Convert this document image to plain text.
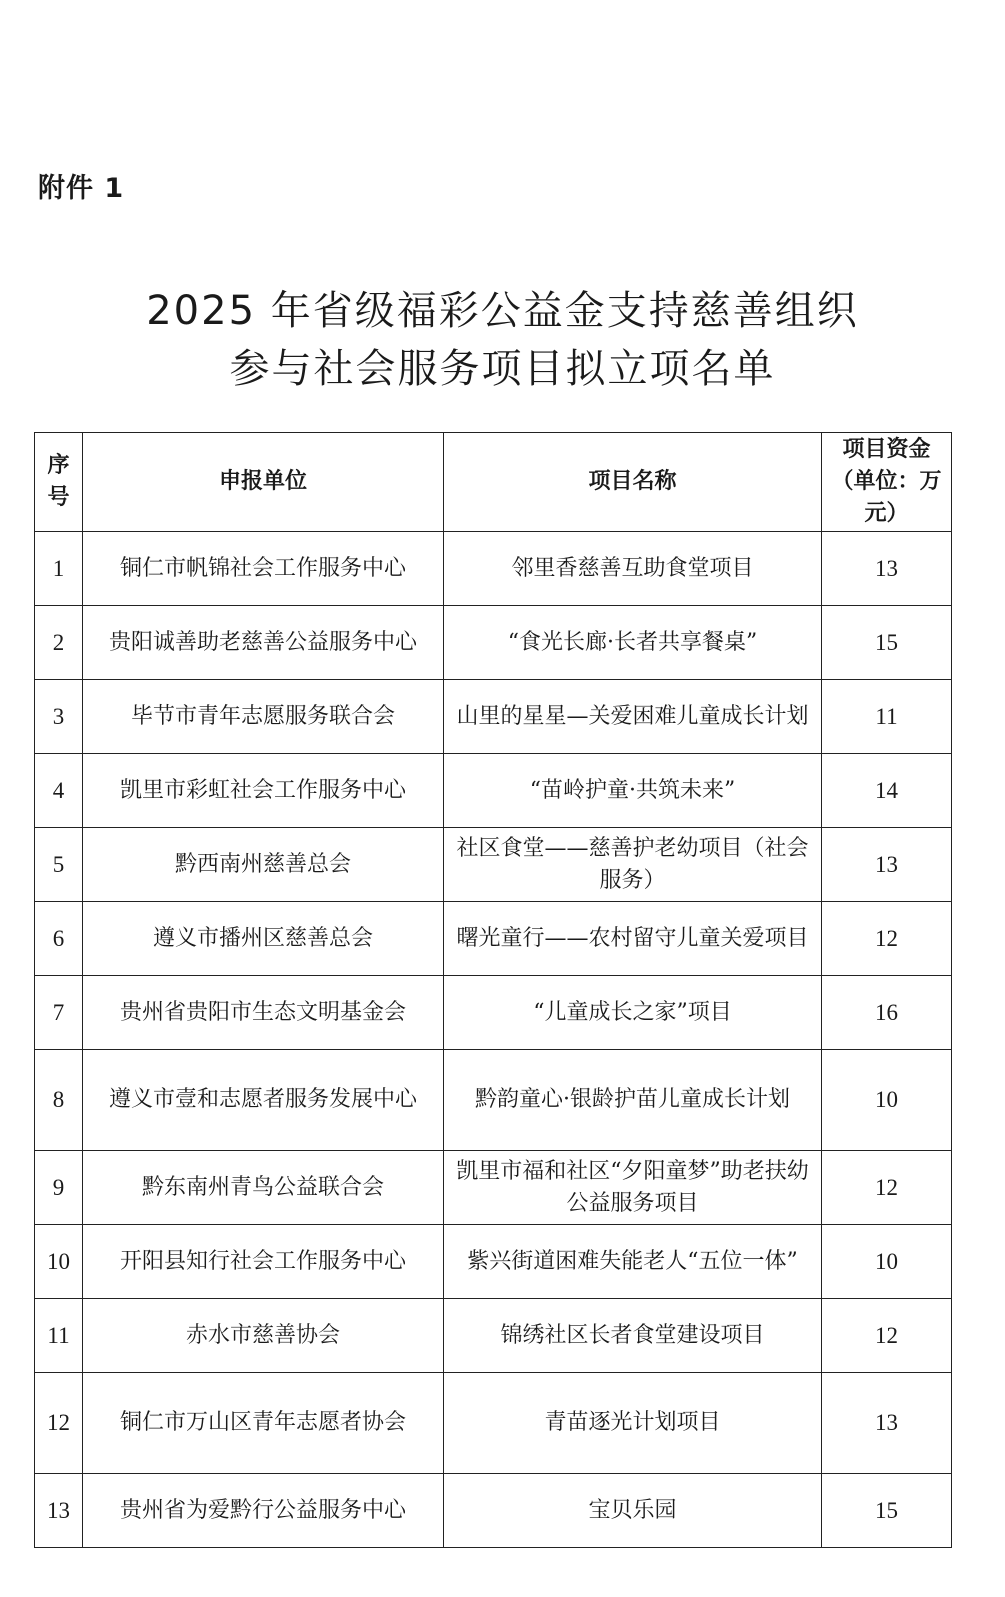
附件 1
2025 年省级福彩公益金支持慈善组织
参与社会服务项目拟立项名单
序号	申报单位	项目名称	项目资金（单位：万元）
1	铜仁市帆锦社会工作服务中心	邻里香慈善互助食堂项目	13
2	贵阳诚善助老慈善公益服务中心	“食光长廊·长者共享餐桌”	15
3	毕节市青年志愿服务联合会	山里的星星—关爱困难儿童成长计划	11
4	凯里市彩虹社会工作服务中心	“苗岭护童·共筑未来”	14
5	黔西南州慈善总会	社区食堂——慈善护老幼项目（社会服务）	13
6	遵义市播州区慈善总会	曙光童行——农村留守儿童关爱项目	12
7	贵州省贵阳市生态文明基金会	“儿童成长之家”项目	16
8	遵义市壹和志愿者服务发展中心	黔韵童心·银龄护苗儿童成长计划	10
9	黔东南州青鸟公益联合会	凯里市福和社区“夕阳童梦”助老扶幼公益服务项目	12
10	开阳县知行社会工作服务中心	紫兴街道困难失能老人“五位一体”	10
11	赤水市慈善协会	锦绣社区长者食堂建设项目	12
12	铜仁市万山区青年志愿者协会	青苗逐光计划项目	13
13	贵州省为爱黔行公益服务中心	宝贝乐园	15
